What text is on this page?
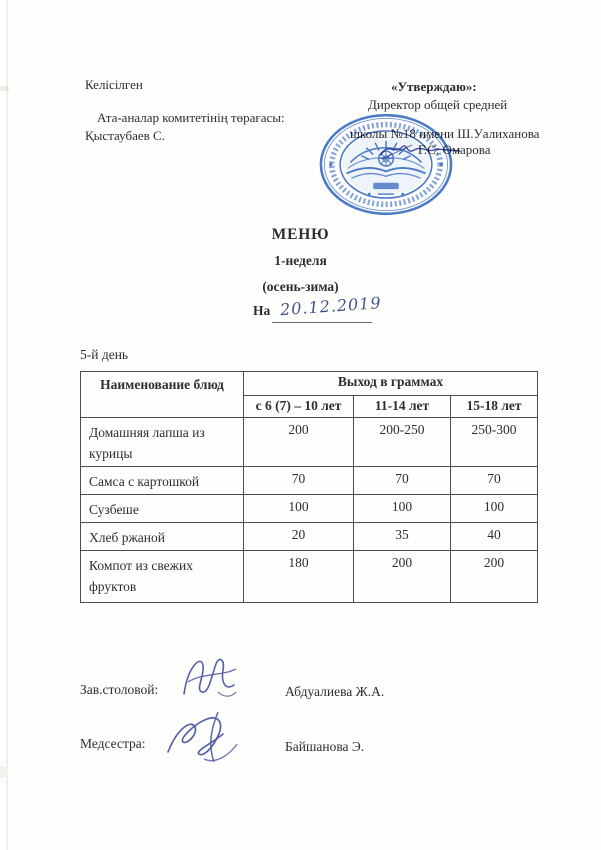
Келісілген
Ата-аналар комитетінің төрағасы:
Қыстаубаев С.
«Утверждаю»:
Директор общей средней
школы №18 имени Ш.Уалиханова
Г.С. Омарова
МЕНЮ
1-неделя
(осень-зима)
На 20.12.2019
5-й день
Наименование блюд	Выход в граммах		
	с 6 (7) – 10 лет	11-14 лет	15-18 лет
Домашняя лапша из курицы	200	200-250	250-300
Самса с картошкой	70	70	70
Сузбеше	100	100	100
Хлеб ржаной	20	35	40
Компот из свежих фруктов	180	200	200
Зав.столовой:	Абдуалиева Ж.А.
Медсестра:	Байшанова Э.
